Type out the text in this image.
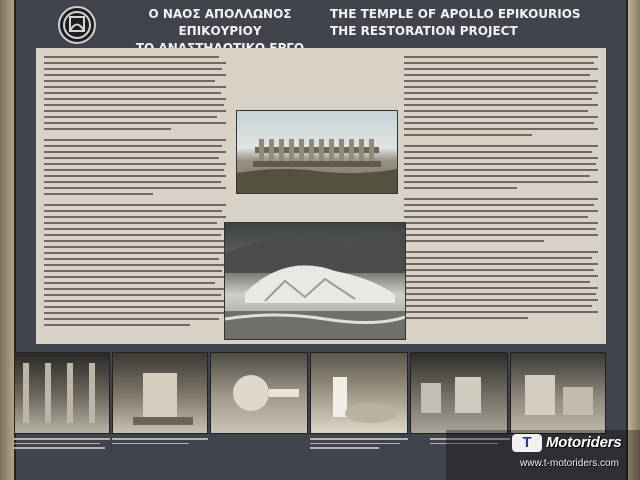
Ο ΝΑΟΣ ΑΠΟΛΛΩΝΟΣ ΕΠΙΚΟΥΡΙΟΥ
THE TEMPLE OF APOLLO EPIKOURIOS
THE RESTORATION PROJECT
T Motoriders
www.t-motoriders.com
